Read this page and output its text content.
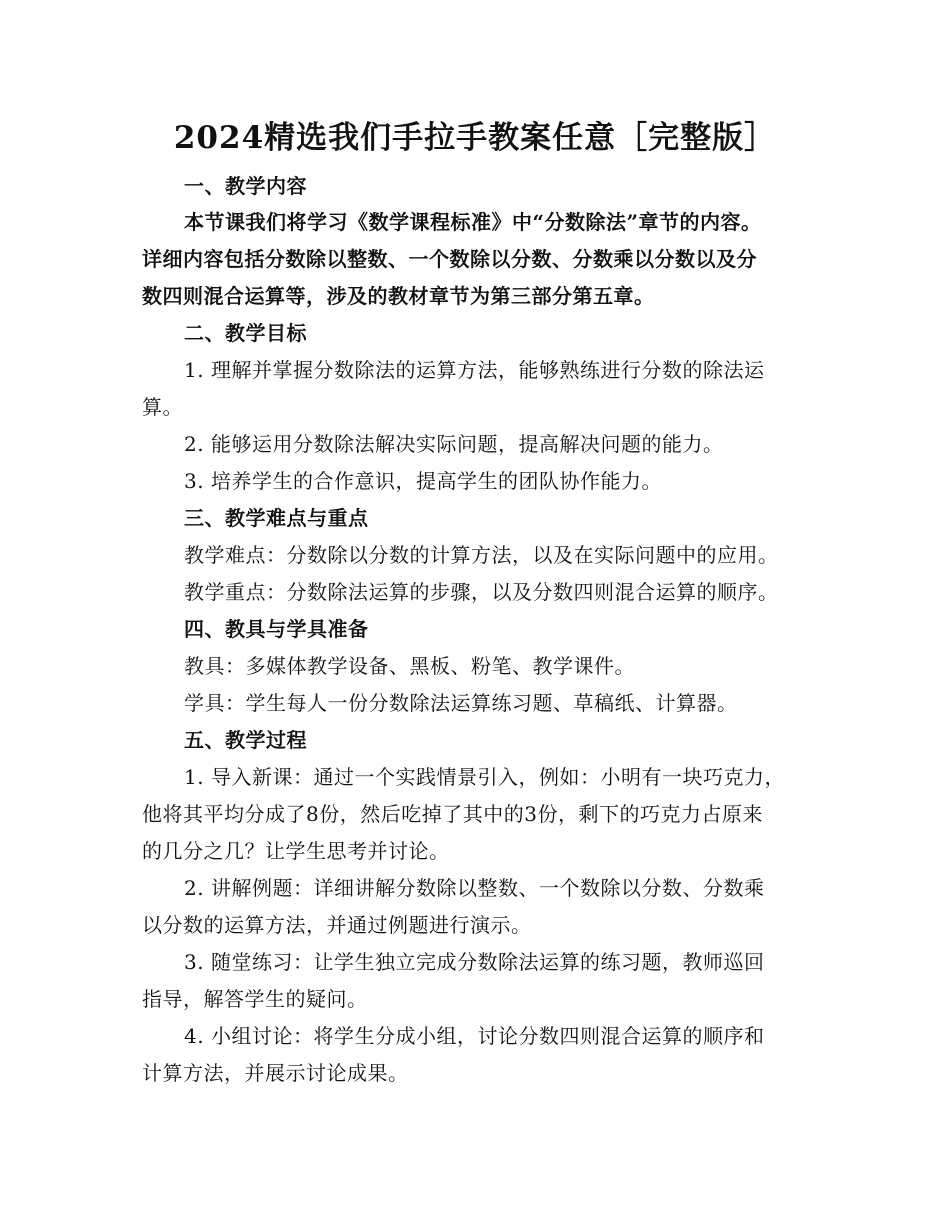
2024精选我们手拉手教案任意［完整版］
一、教学内容
本节课我们将学习《数学课程标准》中“分数除法”章节的内容。
详细内容包括分数除以整数、一个数除以分数、分数乘以分数以及分
数四则混合运算等，涉及的教材章节为第三部分第五章。
二、教学目标
1. 理解并掌握分数除法的运算方法，能够熟练进行分数的除法运
算。
2. 能够运用分数除法解决实际问题，提高解决问题的能力。
3. 培养学生的合作意识，提高学生的团队协作能力。
三、教学难点与重点
教学难点：分数除以分数的计算方法，以及在实际问题中的应用。
教学重点：分数除法运算的步骤，以及分数四则混合运算的顺序。
四、教具与学具准备
教具：多媒体教学设备、黑板、粉笔、教学课件。
学具：学生每人一份分数除法运算练习题、草稿纸、计算器。
五、教学过程
1. 导入新课：通过一个实践情景引入，例如：小明有一块巧克力，
他将其平均分成了8份，然后吃掉了其中的3份，剩下的巧克力占原来
的几分之几？让学生思考并讨论。
2. 讲解例题：详细讲解分数除以整数、一个数除以分数、分数乘
以分数的运算方法，并通过例题进行演示。
3. 随堂练习：让学生独立完成分数除法运算的练习题，教师巡回
指导，解答学生的疑问。
4. 小组讨论：将学生分成小组，讨论分数四则混合运算的顺序和
计算方法，并展示讨论成果。
